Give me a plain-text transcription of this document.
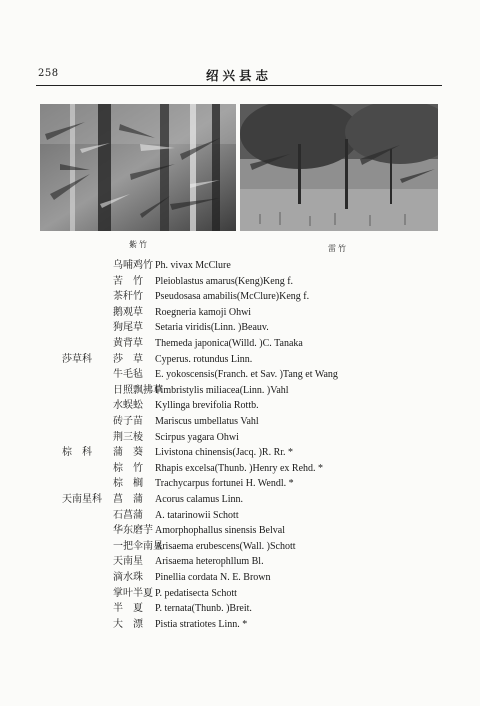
258	绍兴县志
紫竹	雷竹
乌哺鸡竹 Ph. vivax McClure
苦　竹 Pleioblastus amarus(Keng)Keng f.
茶秆竹 Pseudosasa amabilis(McClure)Keng f.
鹅观草 Roegneria kamoji Ohwi
狗尾草 Setaria viridis(Linn. )Beauv.
黄背草 Themeda japonica(Willd. )C. Tanaka
莎草科 莎　草 Cyperus. rotundus Linn.
牛毛毡 E. yokoscensis(Franch. et Sav. )Tang et Wang
日照飘拂草
Fimbristylis miliacea(Linn. )Vahl
水蜈蚣 Kyllinga brevifolia Rottb.
砖子苗 Mariscus umbellatus Vahl
荆三棱 Scirpus yagara Ohwi
棕　科 蒲　葵 Livistona chinensis(Jacq. )R. Rr. *
棕　竹 Rhapis excelsa(Thunb. )Henry ex Rehd. *
棕　榈 Trachycarpus fortunei H. Wendl. *
天南星科 菖　蒲 Acorus calamus Linn.
石菖蒲 A. tatarinowii Schott
华东磨芋 Amorphophallus sinensis Belval
一把伞南星
Arisaema erubescens(Wall. )Schott
天南星 Arisaema heterophllum Bl.
滴水珠 Pinellia cordata N. E. Brown
掌叶半夏 P. pedatisecta Schott
半　夏 P. ternata(Thunb. )Breit.
大　漂 Pistia stratiotes Linn. *
